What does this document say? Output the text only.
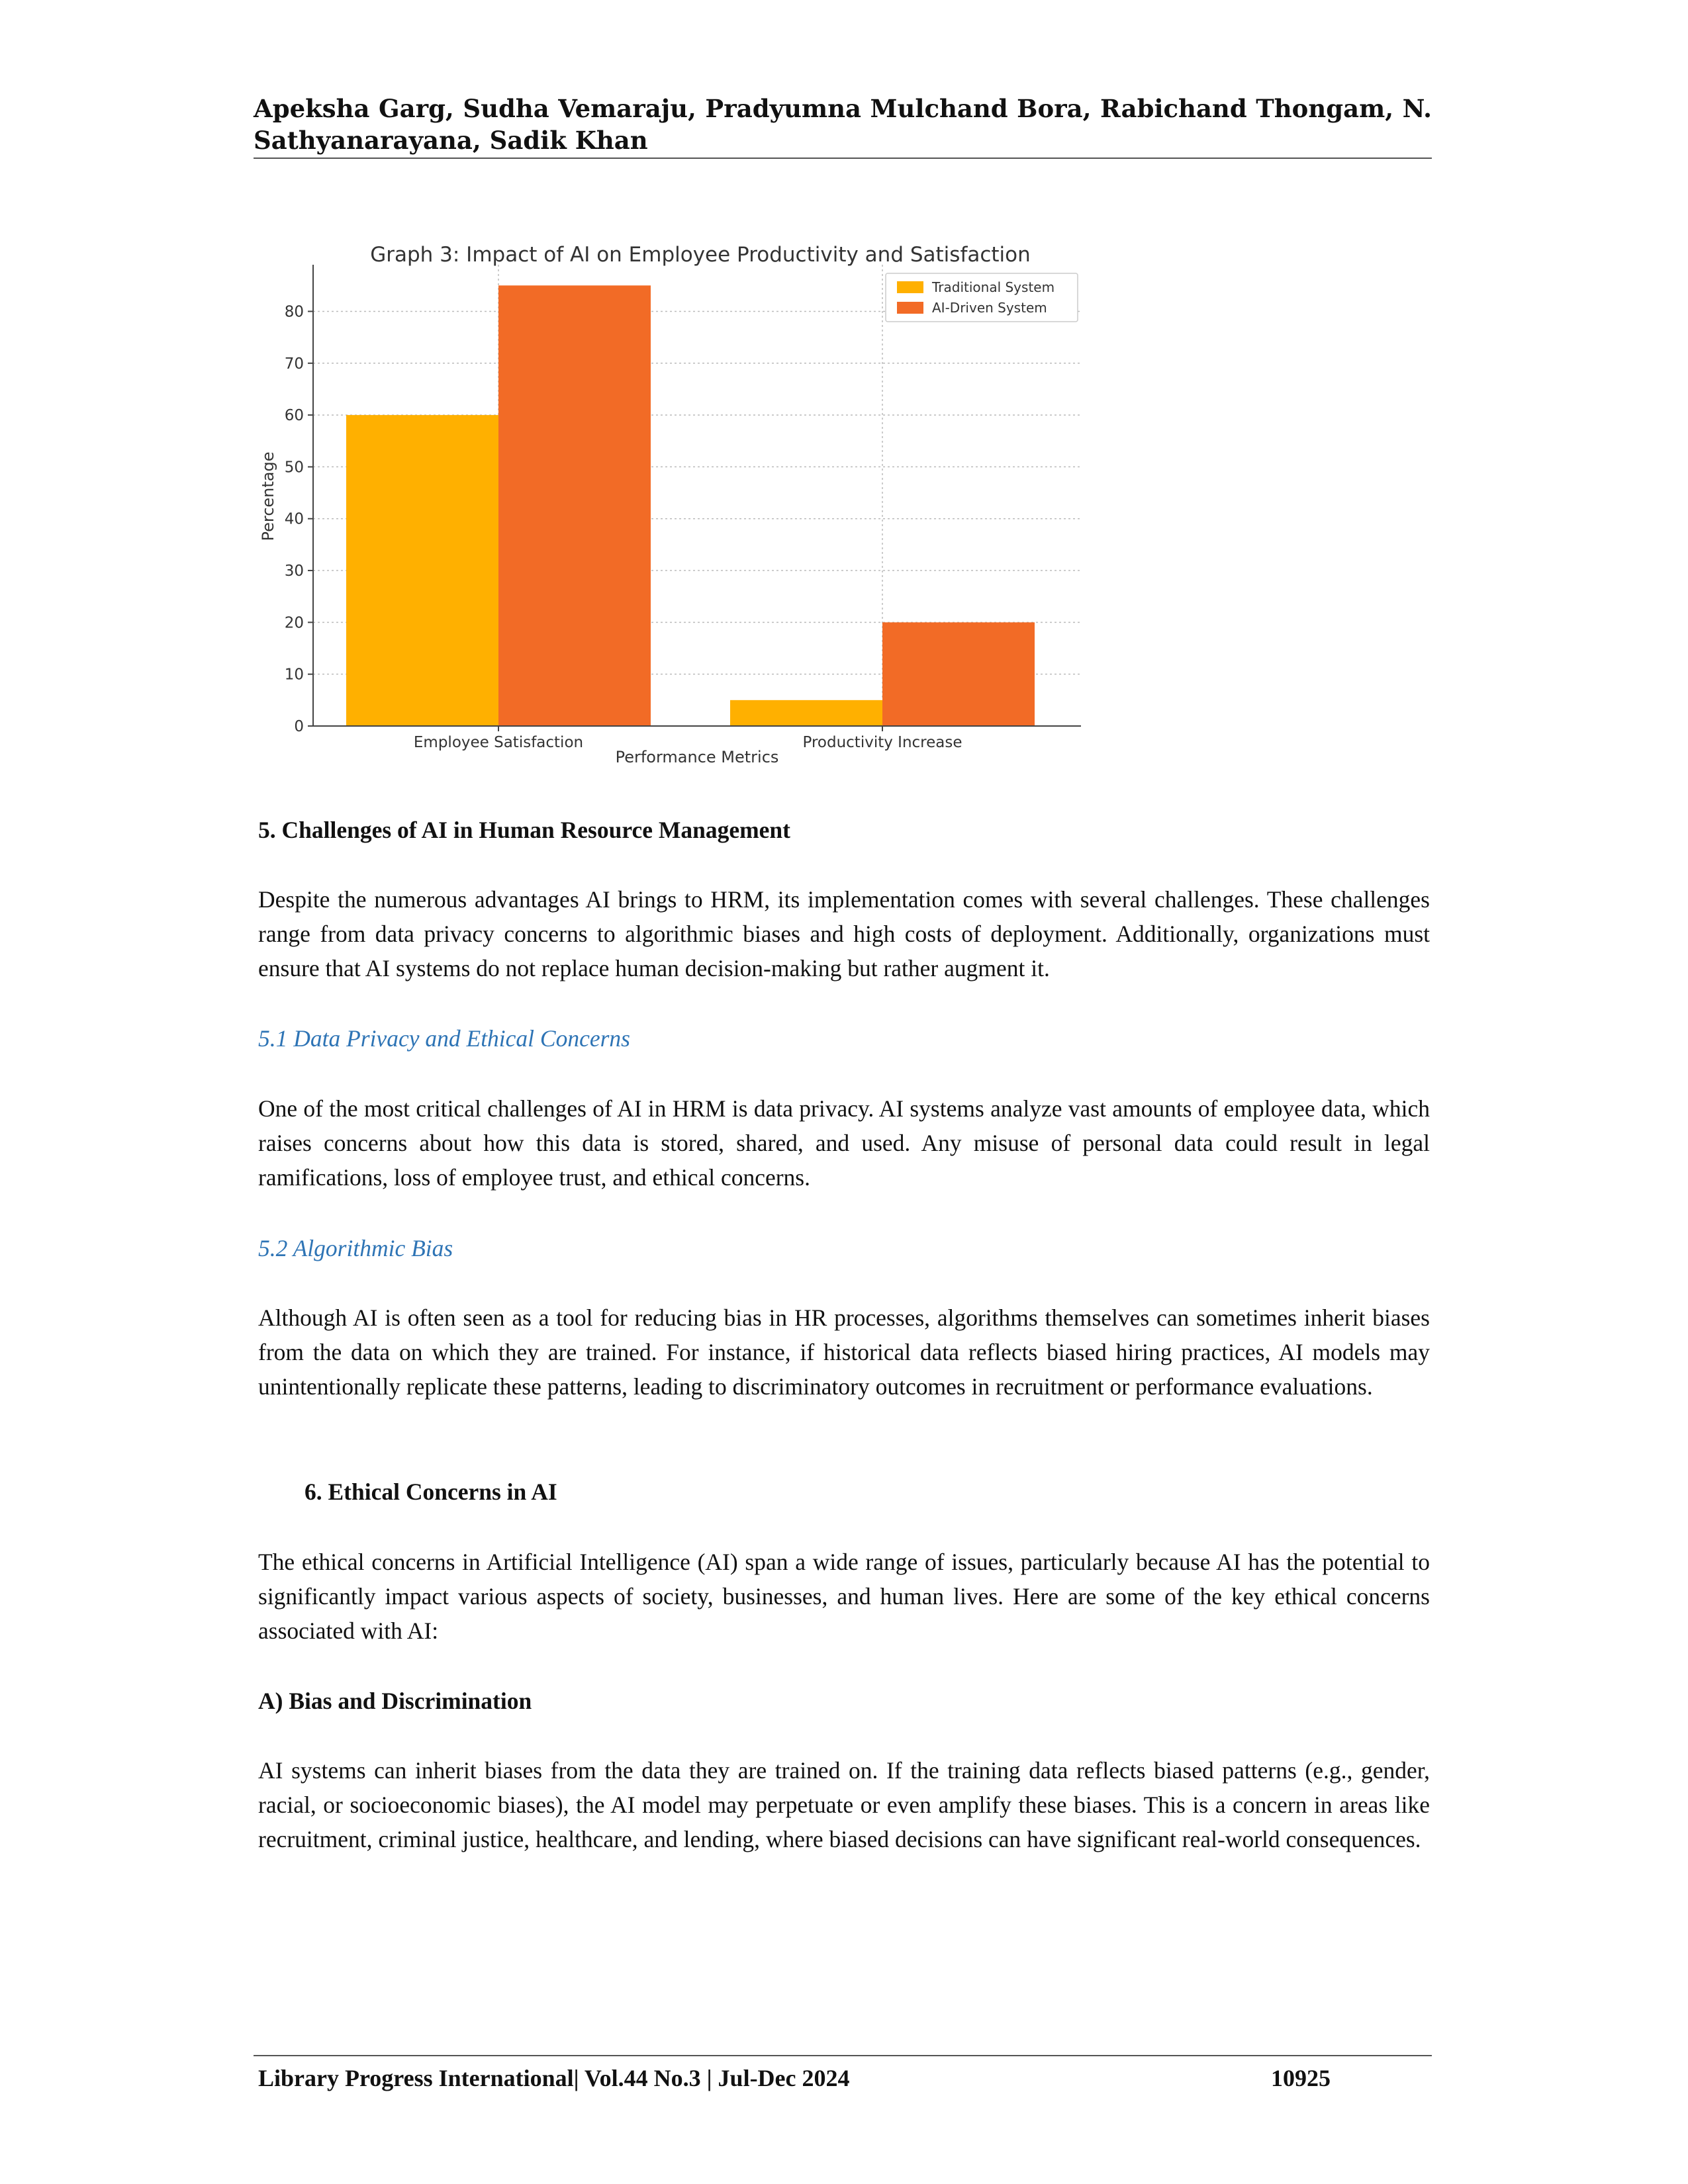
Apeksha Garg, Sudha Vemaraju, Pradyumna Mulchand Bora, Rabichand Thongam, N. Sathyanarayana, Sadik Khan
Graph 3: Impact of AI on Employee Productivity and Satisfaction
0
10
20
30
40
50
60
70
80
Employee Satisfaction	Productivity Increase
Performance Metrics
Percentage
Traditional System
AI-Driven System

5. Challenges of AI in Human Resource Management

Despite the numerous advantages AI brings to HRM, its implementation comes with several challenges. These challenges range from data privacy concerns to algorithmic biases and high costs of deployment. Additionally, organizations must ensure that AI systems do not replace human decision-making but rather augment it.

5.1 Data Privacy and Ethical Concerns

One of the most critical challenges of AI in HRM is data privacy. AI systems analyze vast amounts of employee data, which raises concerns about how this data is stored, shared, and used. Any misuse of personal data could result in legal ramifications, loss of employee trust, and ethical concerns.

5.2 Algorithmic Bias

Although AI is often seen as a tool for reducing bias in HR processes, algorithms themselves can sometimes inherit biases from the data on which they are trained. For instance, if historical data reflects biased hiring practices, AI models may unintentionally replicate these patterns, leading to discriminatory outcomes in recruitment or performance evaluations.

6. Ethical Concerns in AI

The ethical concerns in Artificial Intelligence (AI) span a wide range of issues, particularly because AI has the potential to significantly impact various aspects of society, businesses, and human lives. Here are some of the key ethical concerns associated with AI:

A) Bias and Discrimination

AI systems can inherit biases from the data they are trained on. If the training data reflects biased patterns (e.g., gender, racial, or socioeconomic biases), the AI model may perpetuate or even amplify these biases. This is a concern in areas like recruitment, criminal justice, healthcare, and lending, where biased decisions can have significant real-world consequences.

Library Progress International| Vol.44 No.3 | Jul-Dec 2024	10925
